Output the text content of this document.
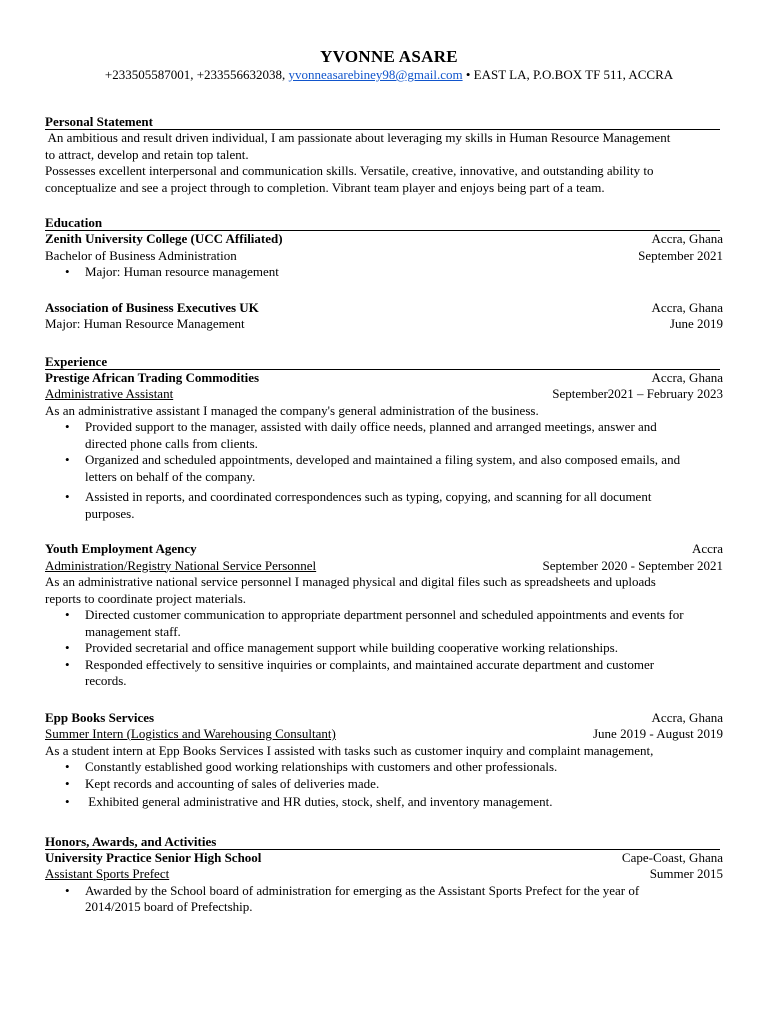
YVONNE ASARE
+233505587001, +233556632038, yvonneasarebiney98@gmail.com • EAST LA, P.O.BOX TF 511, ACCRA
Personal Statement
An ambitious and result driven individual, I am passionate about leveraging my skills in Human Resource Management
to attract, develop and retain top talent.
Possesses excellent interpersonal and communication skills. Versatile, creative, innovative, and outstanding ability to
conceptualize and see a project through to completion. Vibrant team player and enjoys being part of a team.
Education
Zenith University College (UCC Affiliated)	Accra, Ghana
Bachelor of Business Administration	September 2021
• Major: Human resource management
Association of Business Executives UK	Accra, Ghana
Major: Human Resource Management	June 2019
Experience
Prestige African Trading Commodities	Accra, Ghana
Administrative Assistant	September2021 – February 2023
As an administrative assistant I managed the company's general administration of the business.
• Provided support to the manager, assisted with daily office needs, planned and arranged meetings, answer and
directed phone calls from clients.
• Organized and scheduled appointments, developed and maintained a filing system, and also composed emails, and
letters on behalf of the company.
• Assisted in reports, and coordinated correspondences such as typing, copying, and scanning for all document
purposes.
Youth Employment Agency	Accra
Administration/Registry National Service Personnel	September 2020 - September 2021
As an administrative national service personnel I managed physical and digital files such as spreadsheets and uploads
reports to coordinate project materials.
• Directed customer communication to appropriate department personnel and scheduled appointments and events for
management staff.
• Provided secretarial and office management support while building cooperative working relationships.
• Responded effectively to sensitive inquiries or complaints, and maintained accurate department and customer
records.
Epp Books Services	Accra, Ghana
Summer Intern (Logistics and Warehousing Consultant)	June 2019 - August 2019
As a student intern at Epp Books Services I assisted with tasks such as customer inquiry and complaint management,
• Constantly established good working relationships with customers and other professionals.
• Kept records and accounting of sales of deliveries made.
•  Exhibited general administrative and HR duties, stock, shelf, and inventory management.
Honors, Awards, and Activities
University Practice Senior High School	Cape-Coast, Ghana
Assistant Sports Prefect	Summer 2015
• Awarded by the School board of administration for emerging as the Assistant Sports Prefect for the year of
2014/2015 board of Prefectship.
